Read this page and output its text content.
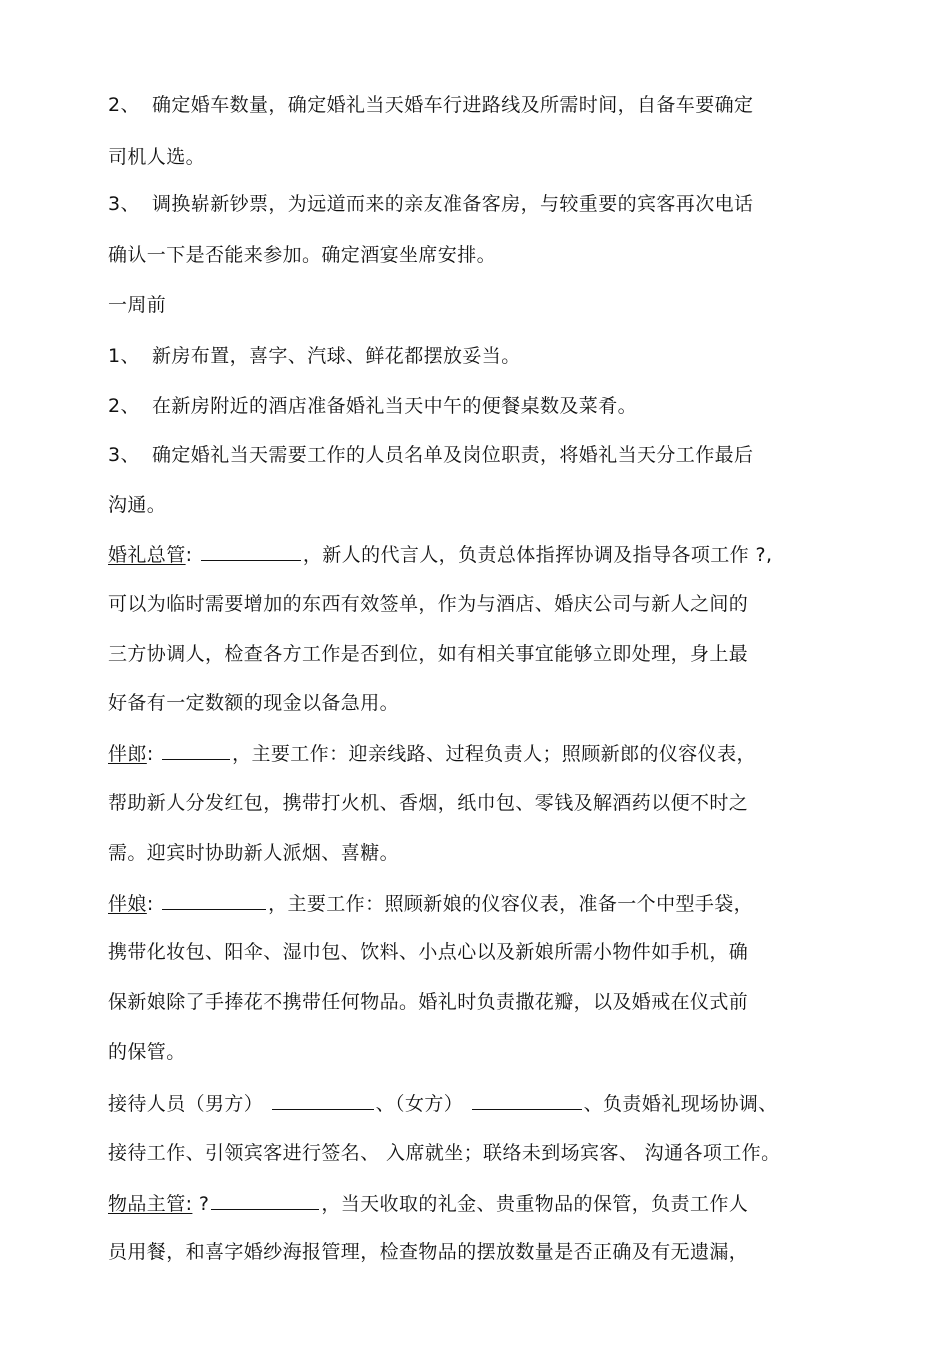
2、 确定婚车数量，确定婚礼当天婚车行进路线及所需时间，自备车要确定
司机人选。
3、 调换崭新钞票，为远道而来的亲友准备客房，与较重要的宾客再次电话
确认一下是否能来参加。确定酒宴坐席安排。
一周前
1、 新房布置，喜字、汽球、鲜花都摆放妥当。
2、 在新房附近的酒店准备婚礼当天中午的便餐桌数及菜肴。
3、 确定婚礼当天需要工作的人员名单及岗位职责，将婚礼当天分工作最后
沟通。
婚礼总管:	，新人的代言人，负责总体指挥协调及指导各项工作 ?,
可以为临时需要增加的东西有效签单，作为与酒店、婚庆公司与新人之间的
三方协调人，检查各方工作是否到位，如有相关事宜能够立即处理，身上最
好备有一定数额的现金以备急用。
伴郎:	，主要工作：迎亲线路、过程负责人；照顾新郎的仪容仪表，
帮助新人分发红包，携带打火机、香烟，纸巾包、零钱及解酒药以便不时之
需。迎宾时协助新人派烟、喜糖。
伴娘:	，主要工作：照顾新娘的仪容仪表，准备一个中型手袋，
携带化妆包、阳伞、湿巾包、饮料、小点心以及新娘所需小物件如手机，确
保新娘除了手捧花不携带任何物品。婚礼时负责撒花瓣，以及婚戒在仪式前
的保管。
接待人员（男方）	、（女方）	、负责婚礼现场协调、
接待工作、引领宾客进行签名、 入席就坐；联络未到场宾客、 沟通各项工作。
物品主管: ?	，当天收取的礼金、贵重物品的保管，负责工作人
员用餐，和喜字婚纱海报管理，检查物品的摆放数量是否正确及有无遗漏，
